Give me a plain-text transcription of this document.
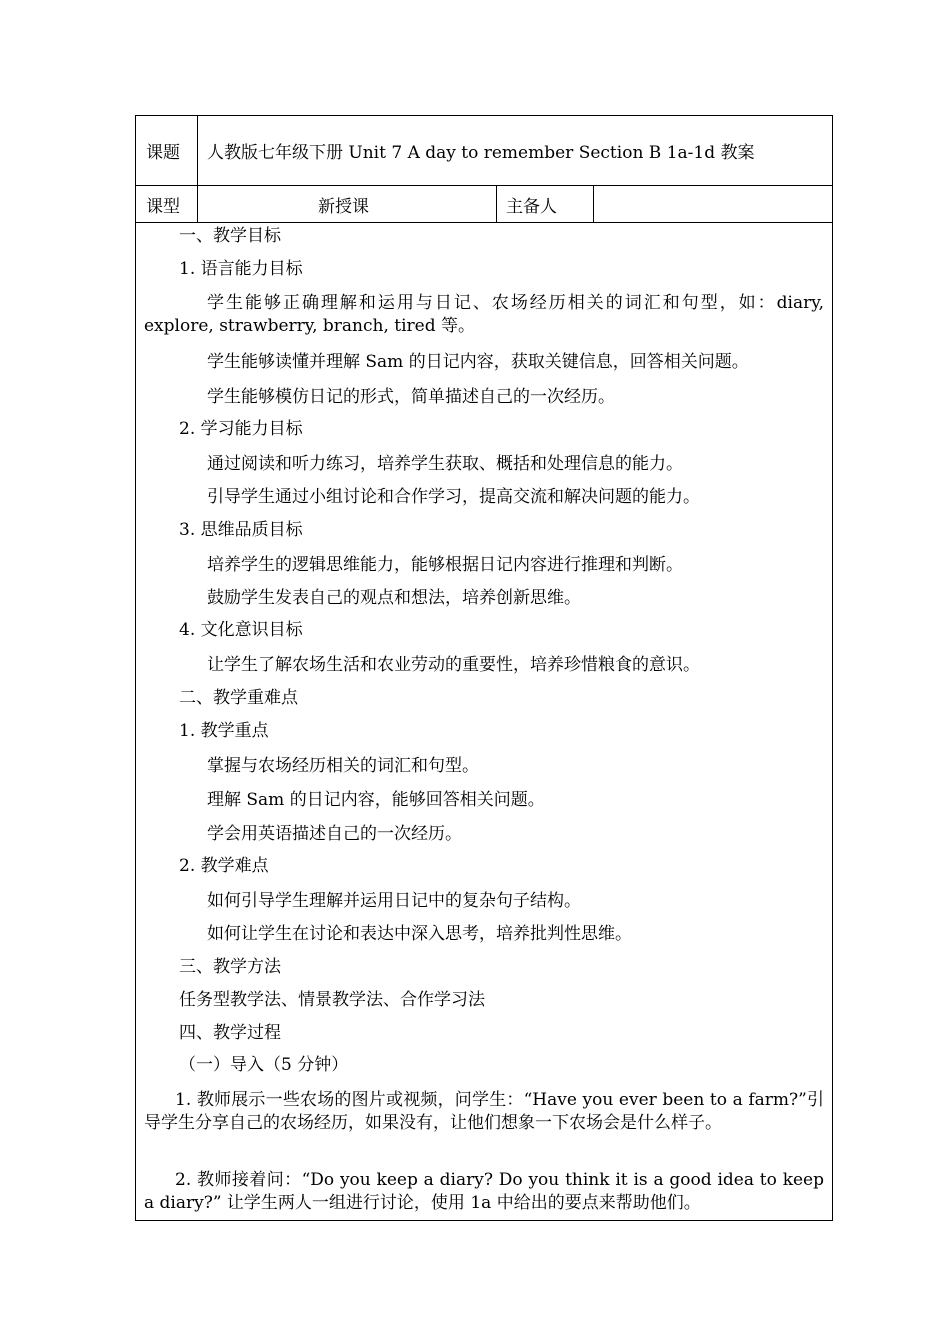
课题 人教版七年级下册 Unit 7 A day to remember Section B 1a-1d 教案
课型	新授课	主备人
一、教学目标
1. 语言能力目标
学生能够正确理解和运用与日记、农场经历相关的词汇和句型，如：diary, explore, strawberry, branch, tired 等。
学生能够读懂并理解 Sam 的日记内容，获取关键信息，回答相关问题。
学生能够模仿日记的形式，简单描述自己的一次经历。
2. 学习能力目标
通过阅读和听力练习，培养学生获取、概括和处理信息的能力。
引导学生通过小组讨论和合作学习，提高交流和解决问题的能力。
3. 思维品质目标
培养学生的逻辑思维能力，能够根据日记内容进行推理和判断。
鼓励学生发表自己的观点和想法，培养创新思维。
4. 文化意识目标
让学生了解农场生活和农业劳动的重要性，培养珍惜粮食的意识。
二、教学重难点
1. 教学重点
掌握与农场经历相关的词汇和句型。
理解 Sam 的日记内容，能够回答相关问题。
学会用英语描述自己的一次经历。
2. 教学难点
如何引导学生理解并运用日记中的复杂句子结构。
如何让学生在讨论和表达中深入思考，培养批判性思维。
三、教学方法
任务型教学法、情景教学法、合作学习法
四、教学过程
（一）导入（5 分钟）
1. 教师展示一些农场的图片或视频，问学生：“Have you ever been to a farm?”引导学生分享自己的农场经历，如果没有，让他们想象一下农场会是什么样子。
2. 教师接着问：“Do you keep a diary? Do you think it is a good idea to keep a diary?” 让学生两人一组进行讨论，使用 1a 中给出的要点来帮助他们。
